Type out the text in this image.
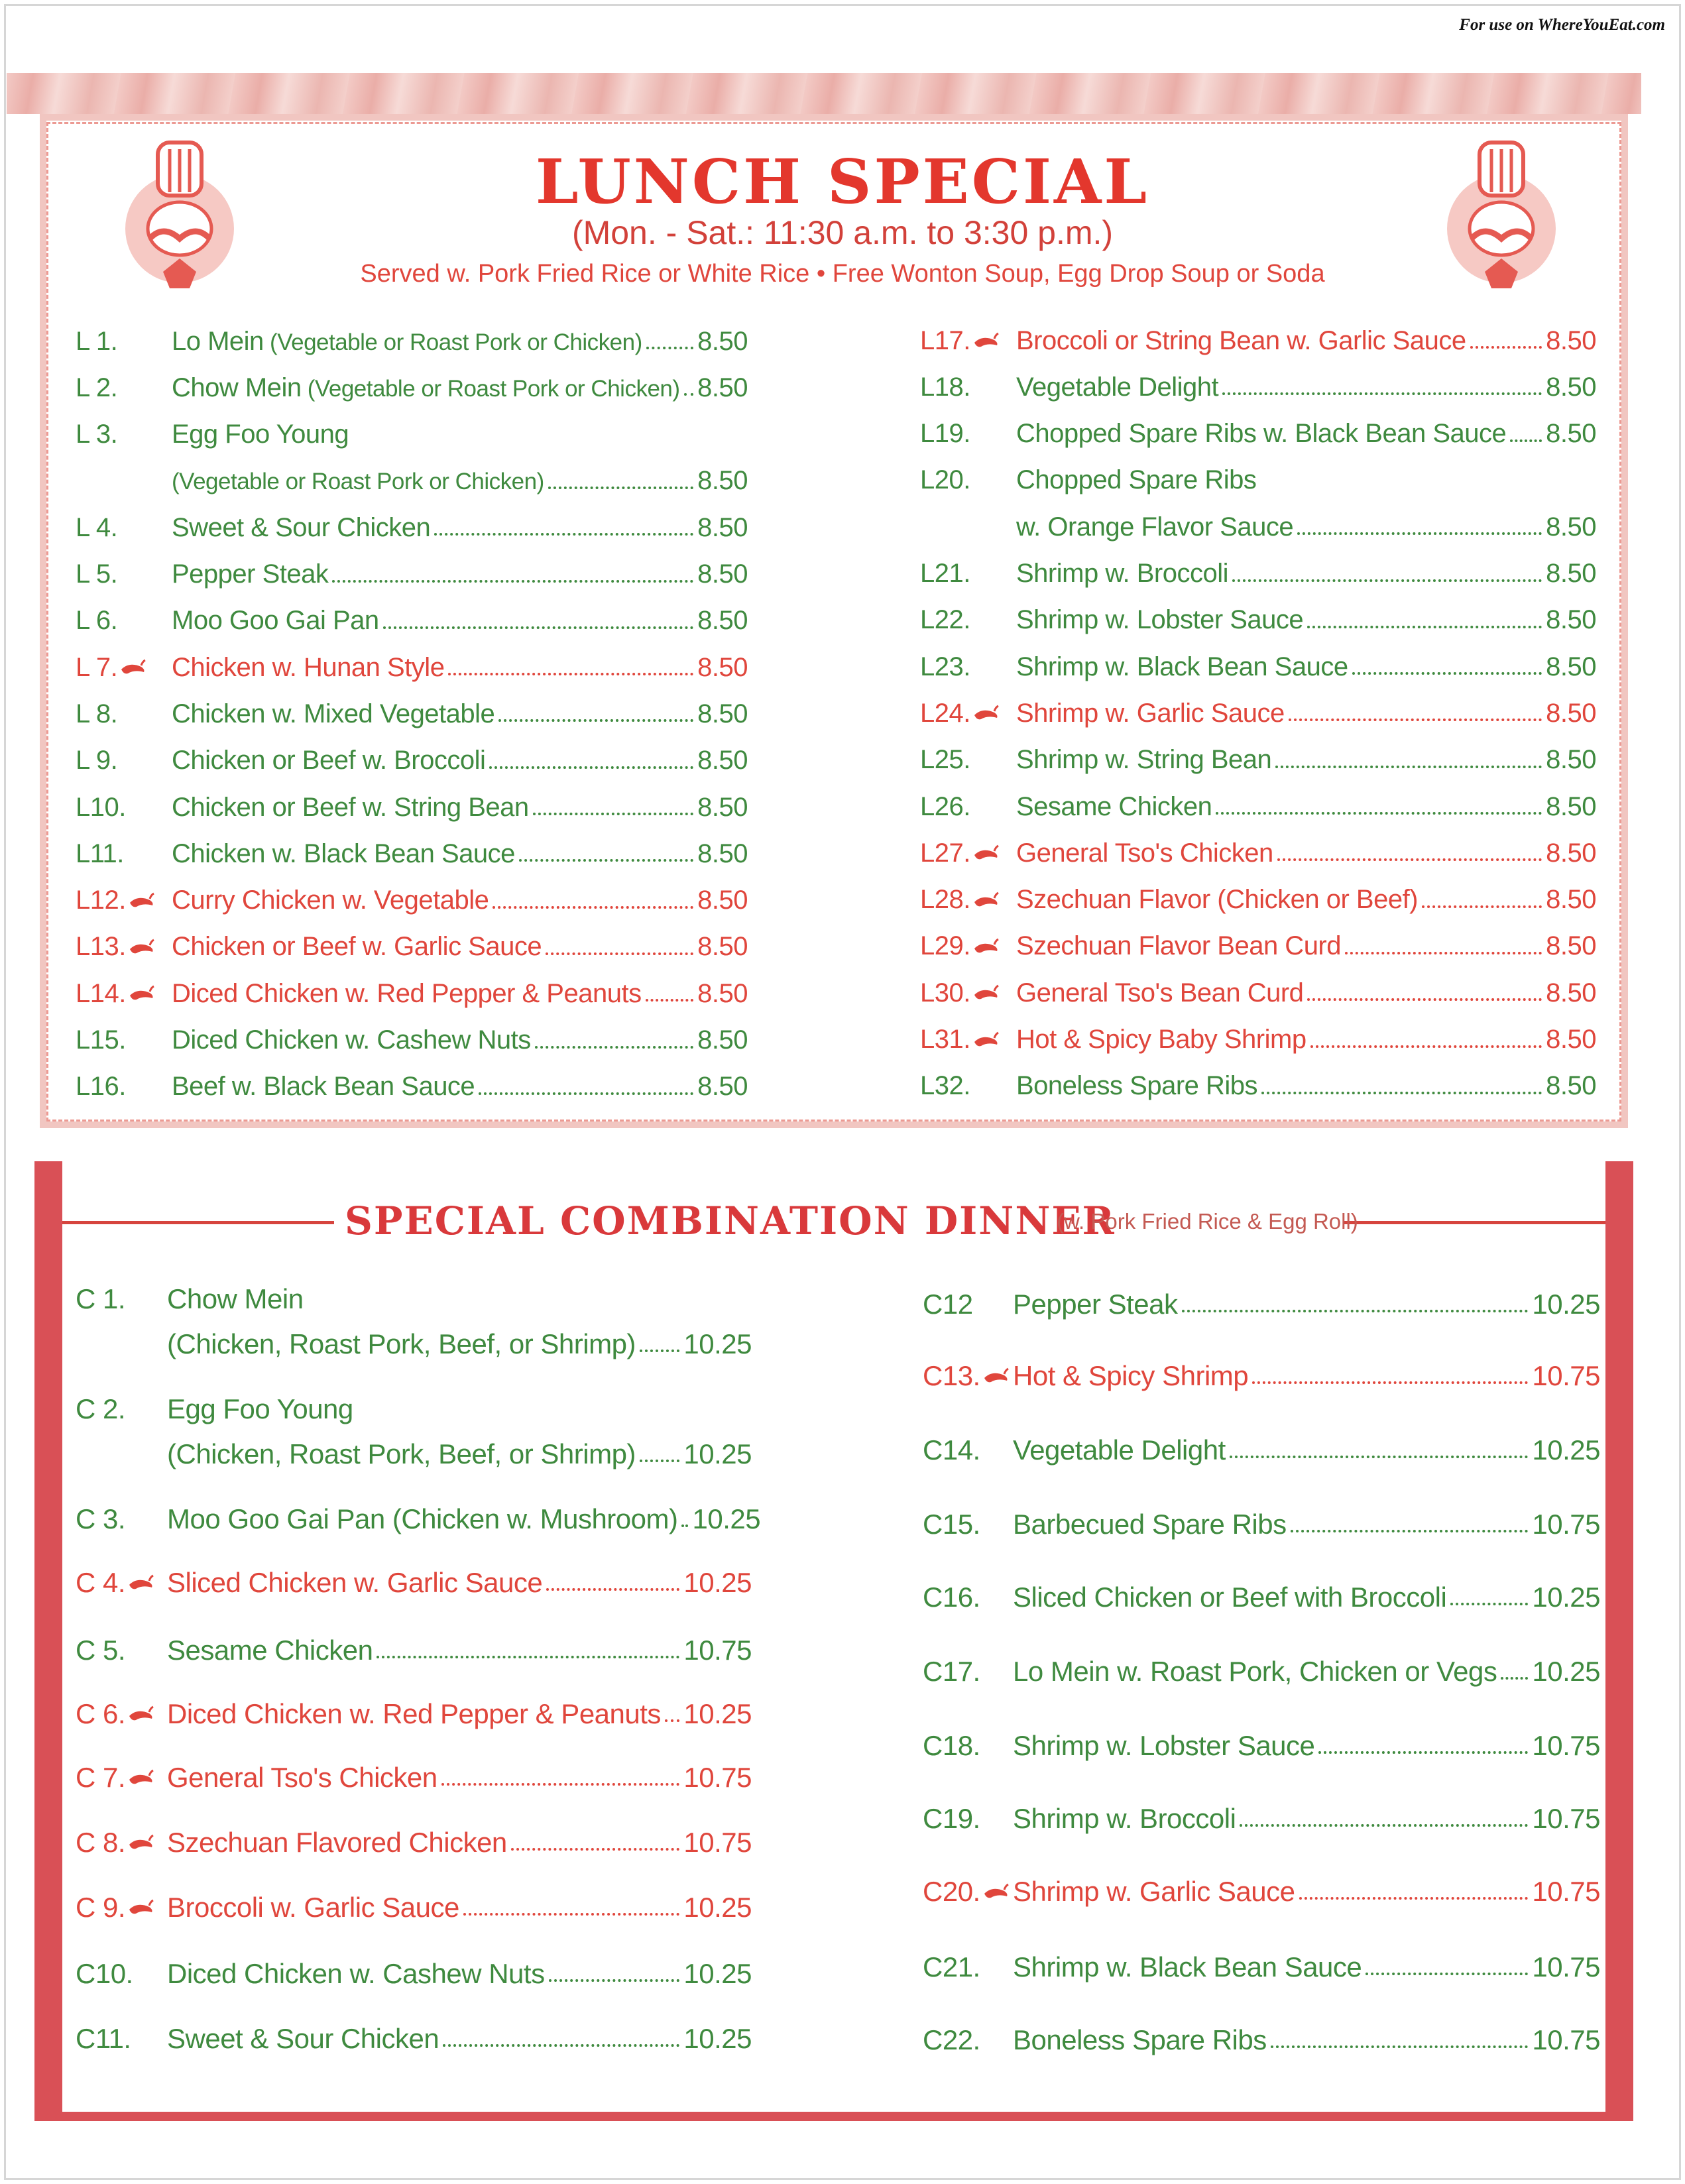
For use on WhereYouEat.com
LUNCH SPECIAL
(Mon. - Sat.: 11:30 a.m. to 3:30 p.m.)
Served w. Pork Fried Rice or White Rice • Free Wonton Soup, Egg Drop Soup or Soda
L 1. Lo Mein (Vegetable or Roast Pork or Chicken) 8.50
L 2. Chow Mein (Vegetable or Roast Pork or Chicken) 8.50
L 3. Egg Foo Young
(Vegetable or Roast Pork or Chicken)	8.50
L 4. Sweet & Sour Chicken	8.50
L 5. Pepper Steak	8.50
L 6. Moo Goo Gai Pan	8.50
L 7. Chicken w. Hunan Style	8.50
L 8. Chicken w. Mixed Vegetable	8.50
L 9. Chicken or Beef w. Broccoli	8.50
L10. Chicken or Beef w. String Bean	8.50
L11. Chicken w. Black Bean Sauce	8.50
L12. Curry Chicken w. Vegetable	8.50
L13. Chicken or Beef w. Garlic Sauce	8.50
L14. Diced Chicken w. Red Pepper & Peanuts 8.50
L15. Diced Chicken w. Cashew Nuts	8.50
L16. Beef w. Black Bean Sauce	8.50
L17. Broccoli or String Bean w. Garlic Sauce	8.50
L18. Vegetable Delight	8.50
L19. Chopped Spare Ribs w. Black Bean Sauce 8.50
L20. Chopped Spare Ribs
w. Orange Flavor Sauce	8.50
L21. Shrimp w. Broccoli	8.50
L22. Shrimp w. Lobster Sauce	8.50
L23. Shrimp w. Black Bean Sauce	8.50
L24. Shrimp w. Garlic Sauce	8.50
L25. Shrimp w. String Bean	8.50
L26. Sesame Chicken	8.50
L27. General Tso's Chicken	8.50
L28. Szechuan Flavor (Chicken or Beef)	8.50
L29. Szechuan Flavor Bean Curd	8.50
L30. General Tso's Bean Curd	8.50
L31. Hot & Spicy Baby Shrimp	8.50
L32. Boneless Spare Ribs	8.50
SPECIAL COMBINATION DINNER
(w. Pork Fried Rice & Egg Roll)
C 1. Chow Mein
(Chicken, Roast Pork, Beef, or Shrimp) 10.25
C 2. Egg Foo Young
(Chicken, Roast Pork, Beef, or Shrimp) 10.25
C 3. Moo Goo Gai Pan (Chicken w. Mushroom) 10.25
C 4. Sliced Chicken w. Garlic Sauce	10.25
C 5. Sesame Chicken	10.75
C 6. Diced Chicken w. Red Pepper & Peanuts 10.25
C 7. General Tso's Chicken	10.75
C 8. Szechuan Flavored Chicken	10.75
C 9. Broccoli w. Garlic Sauce	10.25
C10. Diced Chicken w. Cashew Nuts	10.25
C11. Sweet & Sour Chicken	10.25
C12 Pepper Steak	10.25
C13. Hot & Spicy Shrimp	10.75
C14. Vegetable Delight	10.25
C15. Barbecued Spare Ribs	10.75
C16. Sliced Chicken or Beef with Broccoli	10.25
C17. Lo Mein w. Roast Pork, Chicken or Vegs 10.25
C18. Shrimp w. Lobster Sauce	10.75
C19. Shrimp w. Broccoli	10.75
C20. Shrimp w. Garlic Sauce	10.75
C21. Shrimp w. Black Bean Sauce	10.75
C22. Boneless Spare Ribs	10.75
